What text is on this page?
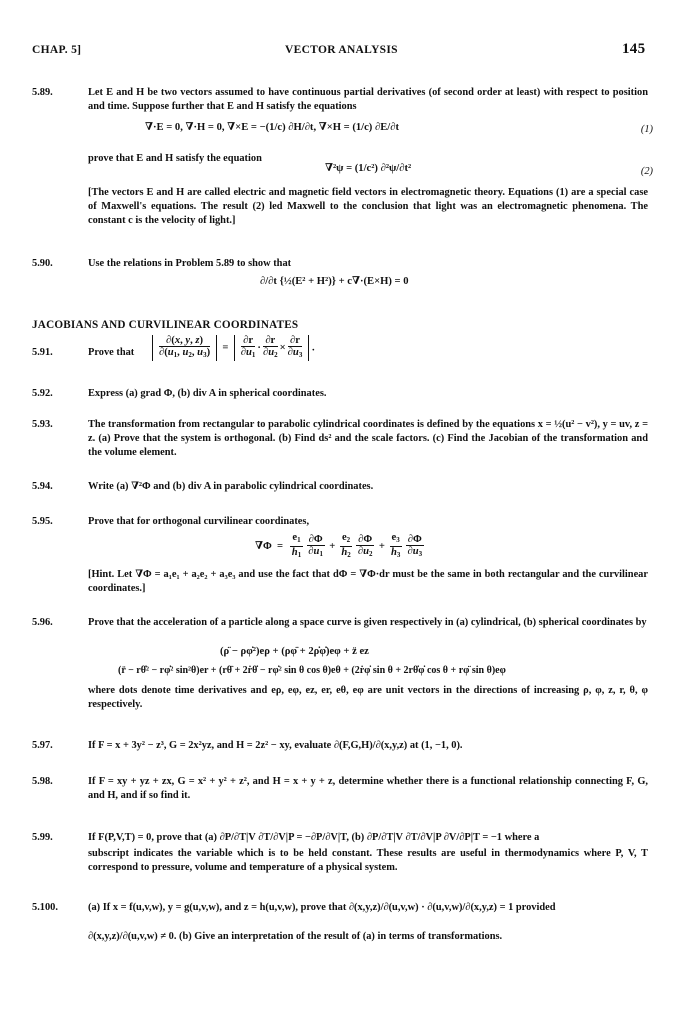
CHAP. 5]	VECTOR ANALYSIS	145
5.89.	Let E and H be two vectors assumed to have continuous partial derivatives (of second order at least) with respect to position and time. Suppose further that E and H satisfy the equations
∇·E = 0, ∇·H = 0, ∇×E = −(1/c) ∂H/∂t, ∇×H = (1/c) ∂E/∂t	(1)
prove that E and H satisfy the equation
∇²ψ = (1/c²) ∂²ψ/∂t²	(2)
[The vectors E and H are called electric and magnetic field vectors in electromagnetic theory. Equations (1) are a special case of Maxwell's equations. The result (2) led Maxwell to the conclusion that light was an electromagnetic phenomena. The constant c is the velocity of light.]
5.90.	Use the relations in Problem 5.89 to show that
∂/∂t {½(E² + H²)} + c∇·(E×H) = 0
JACOBIANS AND CURVILINEAR COORDINATES
5.91.	Prove that	$\frac{\partial(x, y, z)}{\partial(u_1, u_2, u_3)} = \frac{\partial r}{\partial u_1} \cdot \frac{\partial r}{\partial u_2} \times \frac{\partial r}{\partial u_3}$ .
5.92.	Express (a) grad Φ, (b) div A in spherical coordinates.
5.93.	The transformation from rectangular to parabolic cylindrical coordinates is defined by the equations x = ½(u² − v²), y = uv, z = z. (a) Prove that the system is orthogonal. (b) Find ds² and the scale factors. (c) Find the Jacobian of the transformation and the volume element.
5.94.	Write (a) ∇²Φ and (b) div A in parabolic cylindrical coordinates.
5.95.	Prove that for orthogonal curvilinear coordinates,
$\nabla\Phi = \frac{e_1}{h_1} \frac{\partial\Phi}{\partial u_1} + \frac{e_2}{h_2} \frac{\partial\Phi}{\partial u_2} + \frac{e_3}{h_3} \frac{\partial\Phi}{\partial u_3}$
[Hint. Let ∇Φ = a₁e₁ + a₂e₂ + a₃e₃ and use the fact that dΦ = ∇Φ·dr must be the same in both rectangular and the curvilinear coordinates.]
5.96.	Prove that the acceleration of a particle along a space curve is given respectively in (a) cylindrical, (b) spherical coordinates by
(ρ̈ − ρφ̇²)eρ + (ρφ̈ + 2ρ̇φ̇)eφ + z̈ ez
(r̈ − rθ̇² − rφ̇² sin²θ)er + (rθ̈ + 2ṙθ̇ − rφ̇² sin θ cos θ)eθ + (2ṙφ̇ sin θ + 2rθ̇φ̇ cos θ + rφ̈ sin θ)eφ
where dots denote time derivatives and eρ, eφ, ez, er, eθ, eφ are unit vectors in the directions of increasing ρ, φ, z, r, θ, φ respectively.
5.97.	If F = x + 3y² − z³, G = 2x²yz, and H = 2z² − xy, evaluate ∂(F,G,H)/∂(x,y,z) at (1, −1, 0).
5.98.	If F = xy + yz + zx, G = x² + y² + z², and H = x + y + z, determine whether there is a functional relationship connecting F, G, and H, and if so find it.
5.99.	If F(P,V,T) = 0, prove that (a) ∂P/∂T|V ∂T/∂V|P = −∂P/∂V|T, (b) ∂P/∂T|V ∂T/∂V|P ∂V/∂P|T = −1 where a
subscript indicates the variable which is to be held constant. These results are useful in thermodynamics where P, V, T correspond to pressure, volume and temperature of a physical system.
5.100.	(a) If x = f(u,v,w), y = g(u,v,w), and z = h(u,v,w), prove that ∂(x,y,z)/∂(u,v,w) · ∂(u,v,w)/∂(x,y,z) = 1 provided
∂(x,y,z)/∂(u,v,w) ≠ 0. (b) Give an interpretation of the result of (a) in terms of transformations.
